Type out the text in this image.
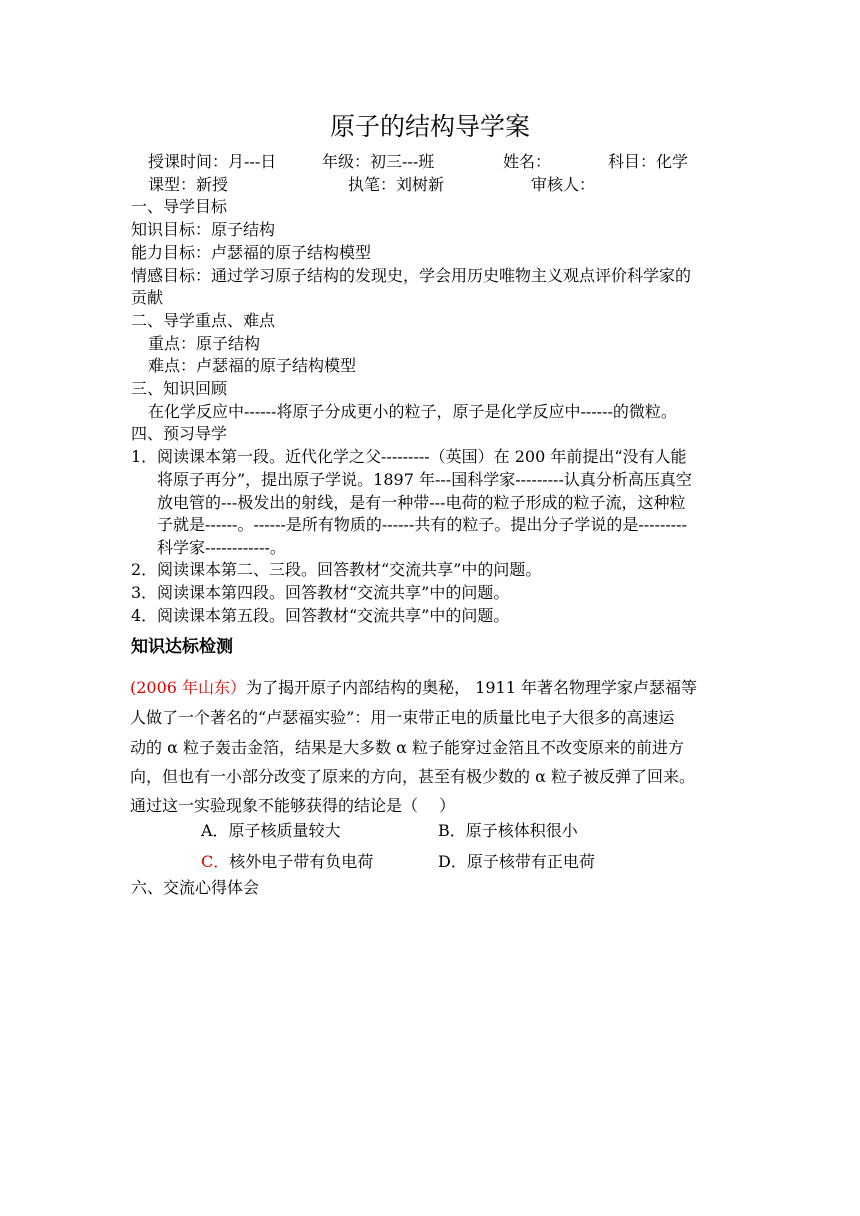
原子的结构导学案
授课时间：月---日	年级：初三---班	姓名：	科目：化学
课型：新授	执笔：刘树新	审核人：
一、导学目标
知识目标：原子结构
能力目标：卢瑟福的原子结构模型
情感目标：通过学习原子结构的发现史，学会用历史唯物主义观点评价科学家的
贡献
二、导学重点、难点
重点：原子结构
难点：卢瑟福的原子结构模型
三、知识回顾
在化学反应中------将原子分成更小的粒子，原子是化学反应中------的微粒。
四、预习导学
1． 阅读课本第一段。近代化学之父---------（英国）在 200 年前提出“没有人能
将原子再分”，提出原子学说。1897 年---国科学家---------认真分析高压真空
放电管的---极发出的射线，是有一种带---电荷的粒子形成的粒子流，这种粒
子就是------。------是所有物质的------共有的粒子。提出分子学说的是---------
科学家------------。
2． 阅读课本第二、三段。回答教材“交流共享”中的问题。
3． 阅读课本第四段。回答教材“交流共享”中的问题。
4． 阅读课本第五段。回答教材“交流共享”中的问题。
知识达标检测
(2006 年山东）为了揭开原子内部结构的奥秘， 1911 年著名物理学家卢瑟福等
人做了一个著名的“卢瑟福实验”：用一束带正电的质量比电子大很多的高速运
动的 α 粒子轰击金箔，结果是大多数 α 粒子能穿过金箔且不改变原来的前进方
向，但也有一小部分改变了原来的方向，甚至有极少数的 α 粒子被反弹了回来。
通过这一实验现象不能够获得的结论是（　 ）
A．原子核质量较大	B．原子核体积很小
C．核外电子带有负电荷	D．原子核带有正电荷
六、交流心得体会
